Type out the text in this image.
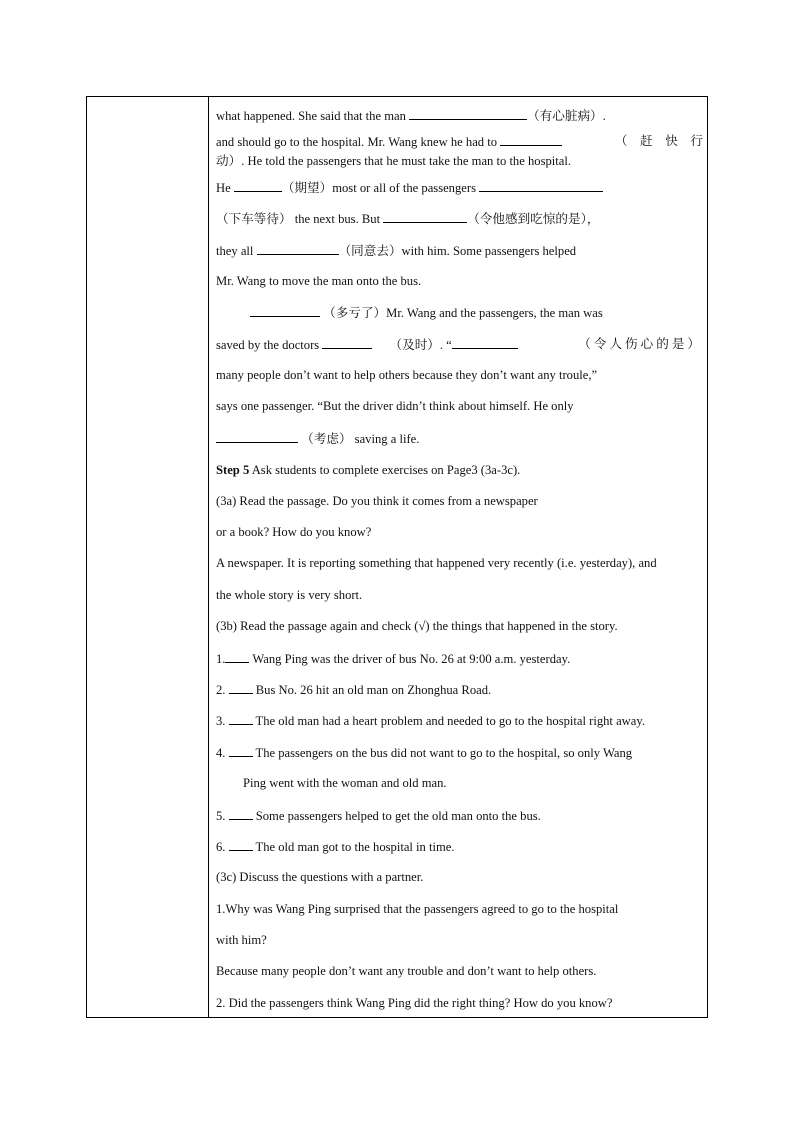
what happened. She said that the man	（有心脏病）.
and should go to the hospital. Mr. Wang knew he had to	（　赶　快　行
动）. He told the passengers that he must take the man to the hospital.
He	（期望）most or all of the passengers
（下车等待） the next bus. But	（令他感到吃惊的是），
they all	（同意去）with him. Some passengers helped
Mr. Wang to move the man onto the bus.
（多亏了）Mr. Wang and the passengers, the man was
saved by the doctors	（及时）. “	（令人伤心的是）
many people don’t want to help others because they don’t want any troule,”
says one passenger. “But the driver didn’t think about himself. He only
（考虑） saving a life.
Step 5 Ask students to complete exercises on Page3 (3a-3c).
(3a) Read the passage. Do you think it comes from a newspaper
or a book? How do you know?
A newspaper. It is reporting something that happened very recently (i.e. yesterday), and
the whole story is very short.
(3b) Read the passage again and check (√) the things that happened in the story.
1. Wang Ping was the driver of bus No. 26 at 9:00 a.m. yesterday.
2.  Bus No. 26 hit an old man on Zhonghua Road.
3.  The old man had a heart problem and needed to go to the hospital right away.
4.  The passengers on the bus did not want to go to the hospital, so only Wang
Ping went with the woman and old man.
5.  Some passengers helped to get the old man onto the bus.
6.  The old man got to the hospital in time.
(3c) Discuss the questions with a partner.
1.Why was Wang Ping surprised that the passengers agreed to go to the hospital
with him?
Because many people don’t want any trouble and don’t want to help others.
2. Did the passengers think Wang Ping did the right thing? How do you know?
